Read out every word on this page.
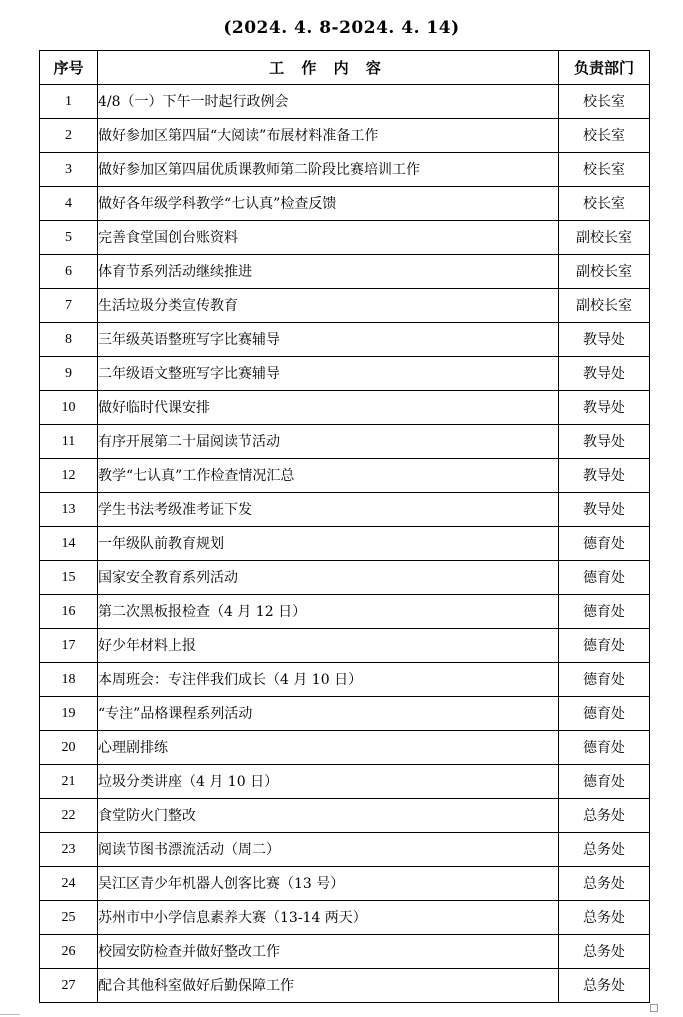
(2024. 4. 8-2024. 4. 14)
序号	工 作 内 容	负责部门
1	4/8（一）下午一时起行政例会	校长室
2	做好参加区第四届“大阅读”布展材料准备工作	校长室
3	做好参加区第四届优质课教师第二阶段比赛培训工作	校长室
4	做好各年级学科教学“七认真”检查反馈	校长室
5	完善食堂国创台账资料	副校长室
6	体育节系列活动继续推进	副校长室
7	生活垃圾分类宣传教育	副校长室
8	三年级英语整班写字比赛辅导	教导处
9	二年级语文整班写字比赛辅导	教导处
10	做好临时代课安排	教导处
11	有序开展第二十届阅读节活动	教导处
12	教学“七认真”工作检查情况汇总	教导处
13	学生书法考级准考证下发	教导处
14	一年级队前教育规划	德育处
15	国家安全教育系列活动	德育处
16	第二次黑板报检查（4 月 12 日）	德育处
17	好少年材料上报	德育处
18	本周班会：专注伴我们成长（4 月 10 日）	德育处
19	“专注”品格课程系列活动	德育处
20	心理剧排练	德育处
21	垃圾分类讲座（4 月 10 日）	德育处
22	食堂防火门整改	总务处
23	阅读节图书漂流活动（周二）	总务处
24	吴江区青少年机器人创客比赛（13 号）	总务处
25	苏州市中小学信息素养大赛（13-14 两天）	总务处
26	校园安防检查并做好整改工作	总务处
27	配合其他科室做好后勤保障工作	总务处
